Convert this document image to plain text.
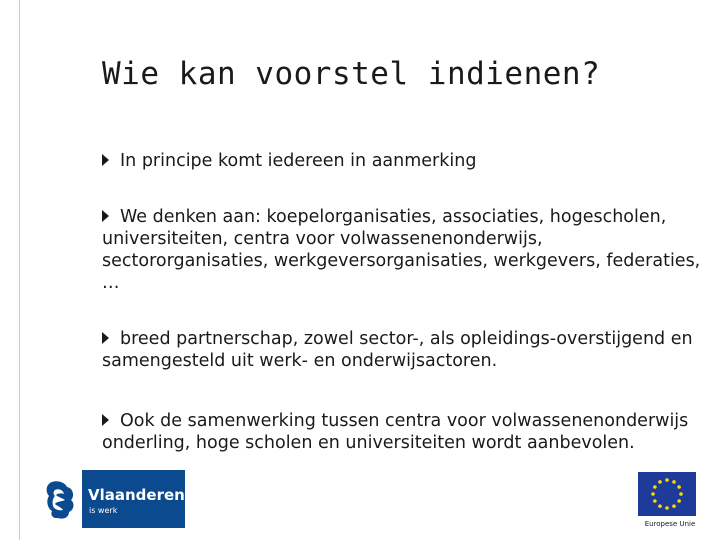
Wie kan voorstel indienen?
In principe komt iedereen in aanmerking
We denken aan: koepelorganisaties, associaties, hogescholen, universiteiten, centra voor volwassenenonderwijs, sectororganisaties, werkgeversorganisaties, werkgevers, federaties, …
breed partnerschap, zowel sector-, als opleidings-overstijgend en samengesteld uit werk- en onderwijsactoren.
Ook de samenwerking tussen centra voor volwassenenonderwijs onderling, hoge scholen en universiteiten wordt aanbevolen.
Vlaanderen
is werk
Europese Unie
